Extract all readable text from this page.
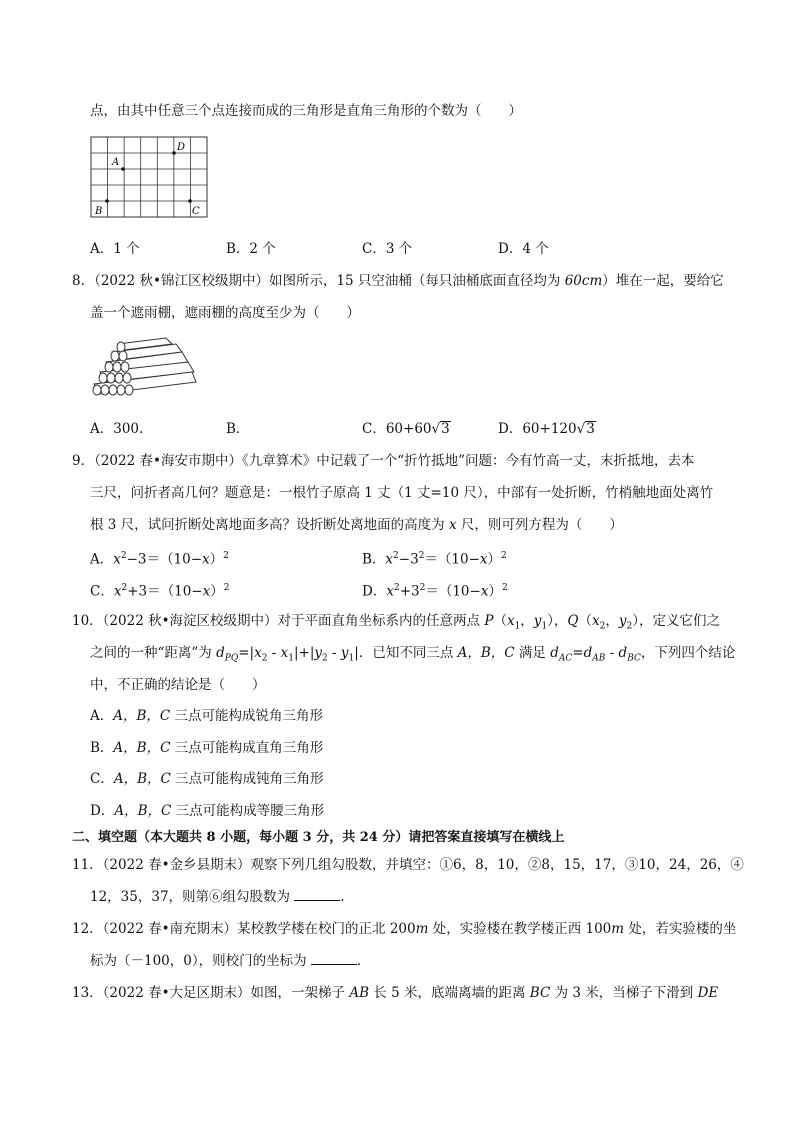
点，由其中任意三个点连接而成的三角形是直角三角形的个数为（　　）
A
D
B	C
A．1 个	B．2 个	C．3 个	D．4 个
8．（2022 秋•锦江区校级期中）如图所示，15 只空油桶（每只油桶底面直径均为 60cm）堆在一起，要给它
盖一个遮雨棚，遮雨棚的高度至少为（　　）
A．300.	B．	C．60+60√3	D．60+120√3
9．（2022 春•海安市期中）《九章算术》中记载了一个“折竹抵地”问题：今有竹高一丈，末折抵地，去本
三尺，问折者高几何？题意是：一根竹子原高 1 丈（1 丈=10 尺），中部有一处折断，竹梢触地面处离竹
根 3 尺，试问折断处离地面多高？设折断处离地面的高度为 x 尺，则可列方程为（　　）
A．$x^2-3=(10-x)^2$	B．$x^2-3^2=(10-x)^2$
C．$x^2+3=(10-x)^2$	D．$x^2+3^2=(10-x)^2$
10．（2022 秋•海淀区校级期中）对于平面直角坐标系内的任意两点 $P(x_1$，$y_1$），$Q(x_2$，$y_2$），定义它们之
之间的一种“距离”为 $d_{PQ}=|x_2 - x_1|+|y_2 - y_1|$．已知不同三点 A，B，C 满足 $d_{AC}=d_{AB} - d_{BC}$，下列四个结论
中，不正确的结论是（　　）
A．A，B，C 三点可能构成锐角三角形
B．A，B，C 三点可能构成直角三角形
C．A，B，C 三点可能构成钝角三角形
D．A，B，C 三点可能构成等腰三角形
二、填空题（本大题共 8 小题，每小题 3 分，共 24 分）请把答案直接填写在横线上
11．（2022 春•金乡县期末）观察下列几组勾股数，并填空：①6，8，10，②8，15，17，③10，24，26，④
12，35，37，则第⑥组勾股数为	．
12．（2022 春•南充期末）某校教学楼在校门的正北 200m 处，实验楼在教学楼正西 100m 处，若实验楼的坐
标为（－100，0），则校门的坐标为	．
13．（2022 春•大足区期末）如图，一架梯子 AB 长 5 米，底端离墙的距离 BC 为 3 米，当梯子下滑到 DE
